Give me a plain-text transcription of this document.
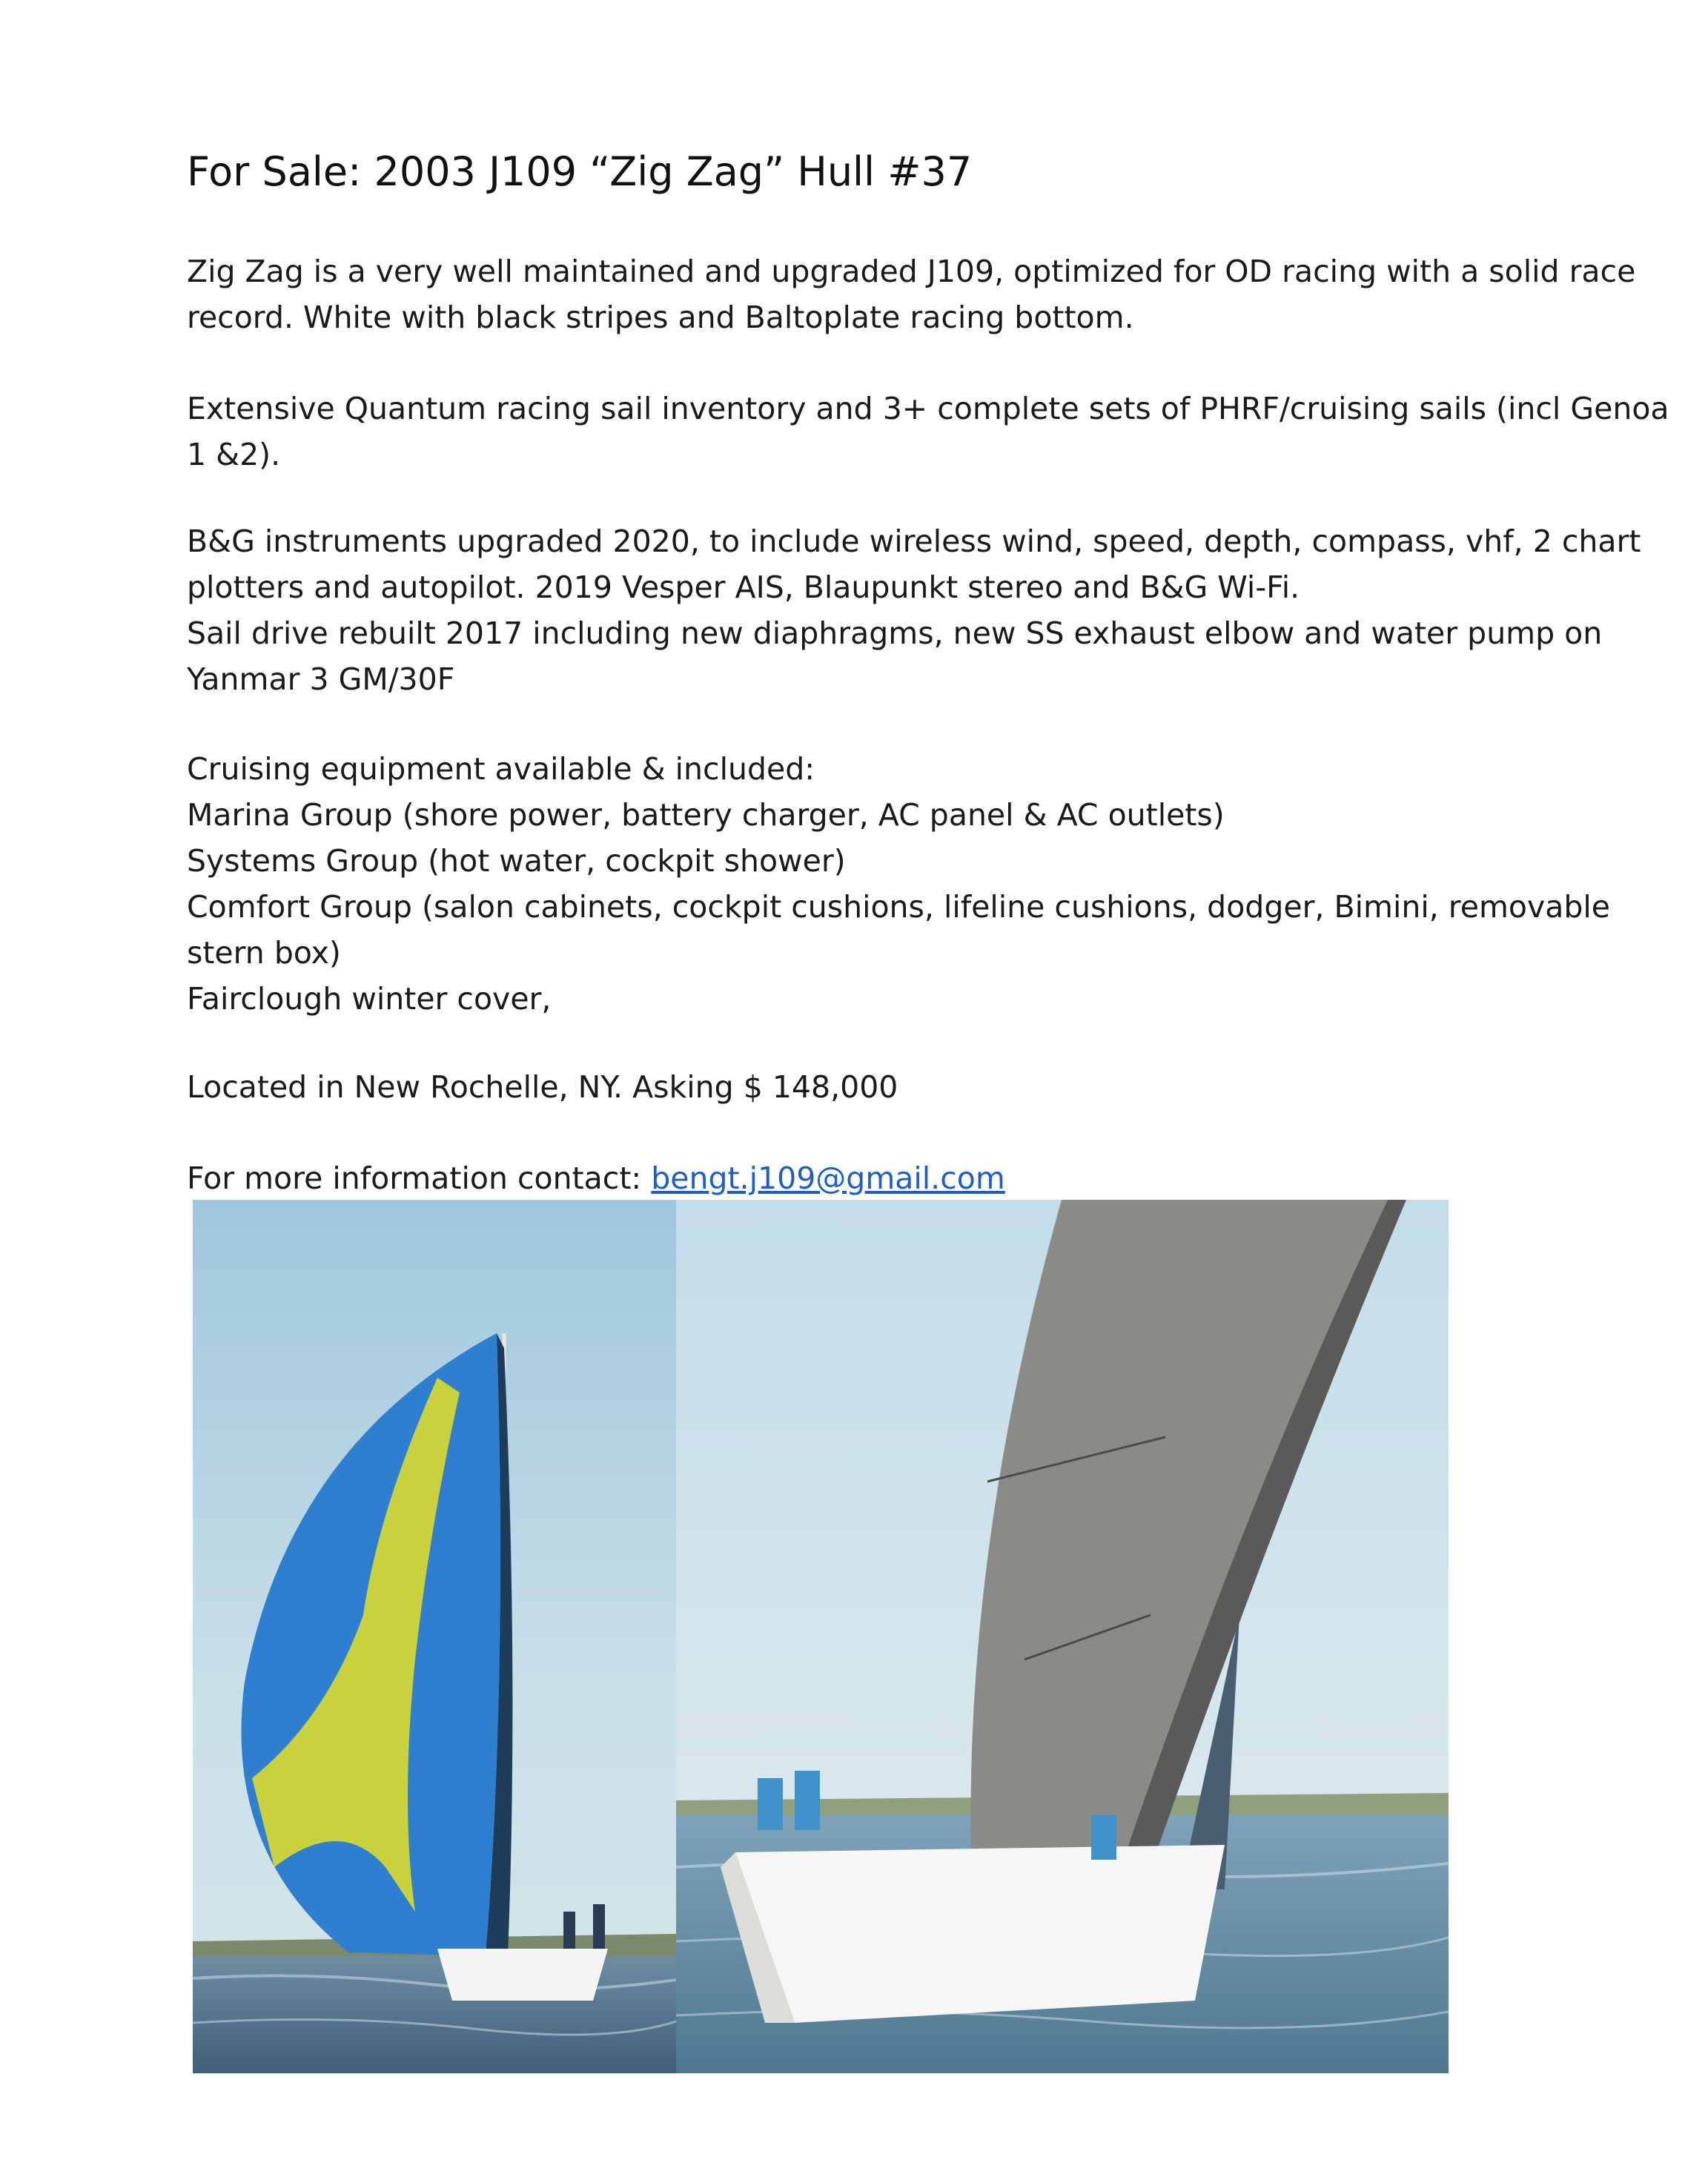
For Sale: 2003 J109 “Zig Zag” Hull #37

Zig Zag is a very well maintained and upgraded J109, optimized for OD racing with a solid race
record. White with black stripes and Baltoplate racing bottom.

Extensive Quantum racing sail inventory and 3+ complete sets of PHRF/cruising sails (incl Genoa
1 &2).

B&G instruments upgraded 2020, to include wireless wind, speed, depth, compass, vhf, 2 chart
plotters and autopilot. 2019 Vesper AIS, Blaupunkt stereo and B&G Wi-Fi.
Sail drive rebuilt 2017 including new diaphragms, new SS exhaust elbow and water pump on
Yanmar 3 GM/30F

Cruising equipment available & included:
Marina Group (shore power, battery charger, AC panel & AC outlets)
Systems Group (hot water, cockpit shower)
Comfort Group (salon cabinets, cockpit cushions, lifeline cushions, dodger, Bimini, removable
stern box)
Fairclough winter cover,

Located in New Rochelle, NY. Asking $ 148,000

For more information contact: bengt.j109@gmail.com
